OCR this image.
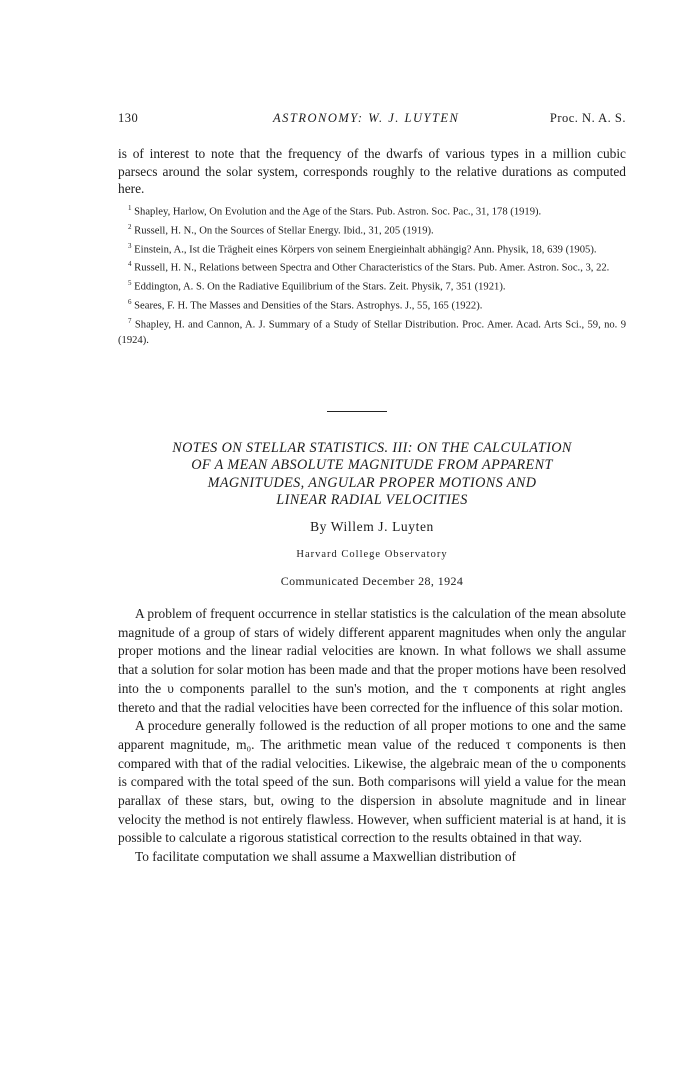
130	ASTRONOMY: W. J. LUYTEN	Proc. N. A. S.
is of interest to note that the frequency of the dwarfs of various types in a million cubic parsecs around the solar system, corresponds roughly to the relative durations as computed here.
$^1$ Shapley, Harlow, On Evolution and the Age of the Stars. Pub. Astron. Soc. Pac., 31, 178 (1919).
$^2$ Russell, H. N., On the Sources of Stellar Energy. Ibid., 31, 205 (1919).
$^3$ Einstein, A., Ist die Trägheit eines Körpers von seinem Energieinhalt abhängig? Ann. Physik, 18, 639 (1905).
$^4$ Russell, H. N., Relations between Spectra and Other Characteristics of the Stars. Pub. Amer. Astron. Soc., 3, 22.
$^5$ Eddington, A. S. On the Radiative Equilibrium of the Stars. Zeit. Physik, 7, 351 (1921).
$^6$ Seares, F. H. The Masses and Densities of the Stars. Astrophys. J., 55, 165 (1922).
$^7$ Shapley, H. and Cannon, A. J. Summary of a Study of Stellar Distribution. Proc. Amer. Acad. Arts Sci., 59, no. 9 (1924).
NOTES ON STELLAR STATISTICS. III: ON THE CALCULATION
OF A MEAN ABSOLUTE MAGNITUDE FROM APPARENT
MAGNITUDES, ANGULAR PROPER MOTIONS AND
LINEAR RADIAL VELOCITIES
By Willem J. Luyten
Harvard College Observatory
Communicated December 28, 1924

A problem of frequent occurrence in stellar statistics is the calculation of the mean absolute magnitude of a group of stars of widely different apparent magnitudes when only the angular proper motions and the linear radial velocities are known. In what follows we shall assume that a solution for solar motion has been made and that the proper motions have been resolved into the υ components parallel to the sun's motion, and the τ components at right angles thereto and that the radial velocities have been corrected for the influence of this solar motion.

A procedure generally followed is the reduction of all proper motions to one and the same apparent magnitude, m₀. The arithmetic mean value of the reduced τ components is then compared with that of the radial velocities. Likewise, the algebraic mean of the υ components is compared with the total speed of the sun. Both comparisons will yield a value for the mean parallax of these stars, but, owing to the dispersion in absolute magnitude and in linear velocity the method is not entirely flawless. However, when sufficient material is at hand, it is possible to calculate a rigorous statistical correction to the results obtained in that way.

To facilitate computation we shall assume a Maxwellian distribution of
